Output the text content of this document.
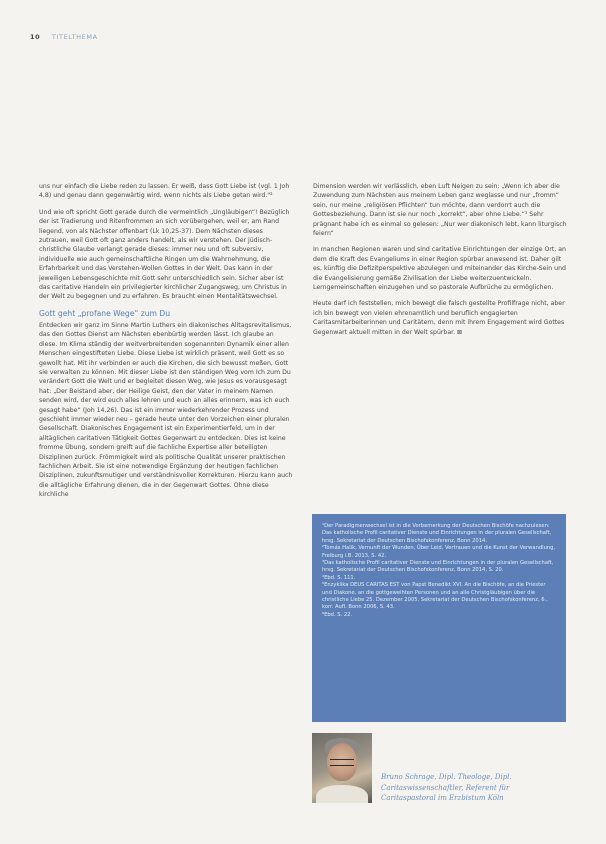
10 TITELTHEMA

uns nur einfach die Liebe reden zu lassen. Er weiß, dass Gott Liebe ist (vgl. 1 Joh 4,8) und genau dann gegenwärtig wird, wenn nichts als Liebe getan wird."²

Und wie oft spricht Gott gerade durch die vermeintlich „Ungläubigen“! Bezüglich der ist Tradierung und Ritenfrommen an sich vorübergehen, weil er, am Rand liegend, von als Nächster offenbart (Lk 10,25-37). Dem Nächsten dieses zutrauen, weil Gott oft ganz anders handelt, als wir verstehen. Der jüdisch-christliche Glaube verlangt gerade dieses: immer neu und oft subversiv, individuelle wie auch gemeinschaftliche Ringen um die Wahrnehmung, die Erfahrbarkeit und das Verstehen-Wollen Gottes in der Welt. Das kann in der jeweiligen Lebensgeschichte mit Gott sehr unterschiedlich sein. Sicher aber ist das caritative Handeln ein privilegierter kirchlicher Zugangsweg, um Christus in der Welt zu begegnen und zu erfahren. Es braucht einen Mentalitätswechsel.

Gott geht „profane Wege“ zum Du

Entdecken wir ganz im Sinne Martin Luthers ein diakonisches Alltagsrevitalismus, das den Gottes Dienst am Nächsten ebenbürtig werden lässt. Ich glaube an diese. Im Klima ständig der weitverbreitenden sogenannten Dynamik einer allen Menschen eingestifteten Liebe. Diese Liebe ist wirklich präsent, weil Gott es so gewollt hat. Mit ihr verbinden er auch die Kirchen, die sich bewusst meßen, Gott sie verwalten zu können. Mit dieser Liebe ist den ständigen Weg vom Ich zum Du verändert Gott die Welt und er begleitet diesen Weg, wie Jesus es vorausgesagt hat: „Der Beistand aber, der Heilige Geist, den der Vater in meinem Namen senden wird, der wird euch alles lehren und euch an alles erinnern, was ich euch gesagt habe“ (Joh 14,26). Das ist ein immer wiederkehrender Prozess und geschieht immer wieder neu – gerade heute unter den Vorzeichen einer pluralen Gesellschaft. Diakonisches Engagement ist ein Experimentierfeld, um in der alltäglichen caritativen Tätigkeit Gottes Gegenwart zu entdecken. Dies ist keine fromme Übung, sondern greift auf die fachliche Expertise aller beteiligten Disziplinen zurück. Frömmigkeit wird als politische Qualität unserer praktischen fachlichen Arbeit. Sie ist eine notwendige Ergänzung der heutigen fachlichen Disziplinen, zukunftsmutiger und verständnisvoller Korrekturen. Hierzu kann auch die alltägliche Erfahrung dienen, die in der Gegenwart Gottes. Ohne diese kirchliche

Dimension werden wir verlässlich, eben Luft Neigen zu sein: „Wenn ich aber die Zuwendung zum Nächsten aus meinem Leben ganz weglasse und nur „fromm“ sein, nur meine „religiösen Pflichten“ tun möchte, dann verdorrt auch die Gottesbeziehung. Dann ist sie nur noch „korrekt“, aber ohne Liebe.“³ Sehr prägnant habe ich es einmal so gelesen: „Nur wer diakonisch lebt, kann liturgisch feiern“

In manchen Regionen waren und sind caritative Einrichtungen der einzige Ort, an dem die Kraft des Evangeliums in einer Region spürbar anwesend ist. Daher gilt es, künftig die Defizitperspektive abzulegen und miteinander das Kirche-Sein und die Evangelisierung gemäße Zivilisation der Liebe weiterzuentwickeln. Lerngemeinschaften einzugehen und so pastorale Aufbrüche zu ermöglichen.

Heute darf ich feststellen, mich bewegt die falsch gestellte Profilfrage nicht, aber ich bin bewegt von vielen ehrenamtlich und beruflich engagierten Caritasmitarbeiterinnen und Caritätern, denn mit ihrem Engagement wird Gottes Gegenwart aktuell mitten in der Welt spürbar. ⊠

¹Der Paradigmenwechsel ist in die Vorbemerkung der Deutschen Bischöfe nachzulesen: Das katholische Profil caritativer Dienste und Einrichtungen in der pluralen Gesellschaft, hrsg. Sekretariat der Deutschen Bischofskonferenz, Bonn 2014.
²Tomás Halik, Vernunft der Wunden, Über Leid, Vertrauen und die Kunst der Verwandlung, Freiburg i.B. 2013, S. 42.
³Das katholische Profil caritativer Dienste und Einrichtungen in der pluralen Gesellschaft, hrsg. Sekretariat der Deutschen Bischofskonferenz, Bonn 2014, S. 20.
⁴Ebd. S. 111.
⁵Enzyklika DEUS CARITAS EST von Papst Benedikt XVI. An die Bischöfe, an die Priester und Diakone, an die gottgeweihten Personen und an alle Christgläubigen über die christliche Liebe 25. Dezember 2005, Sekretariat der Deutschen Bischofskonferenz, 6., korr. Aufl. Bonn 2006, S. 43.
⁶Ebd. S. 22.
Bruno Schrage, Dipl. Theologe, Dipl.
Caritaswissenschaftler, Referent für
Caritaspastoral im Erzbistum Köln
